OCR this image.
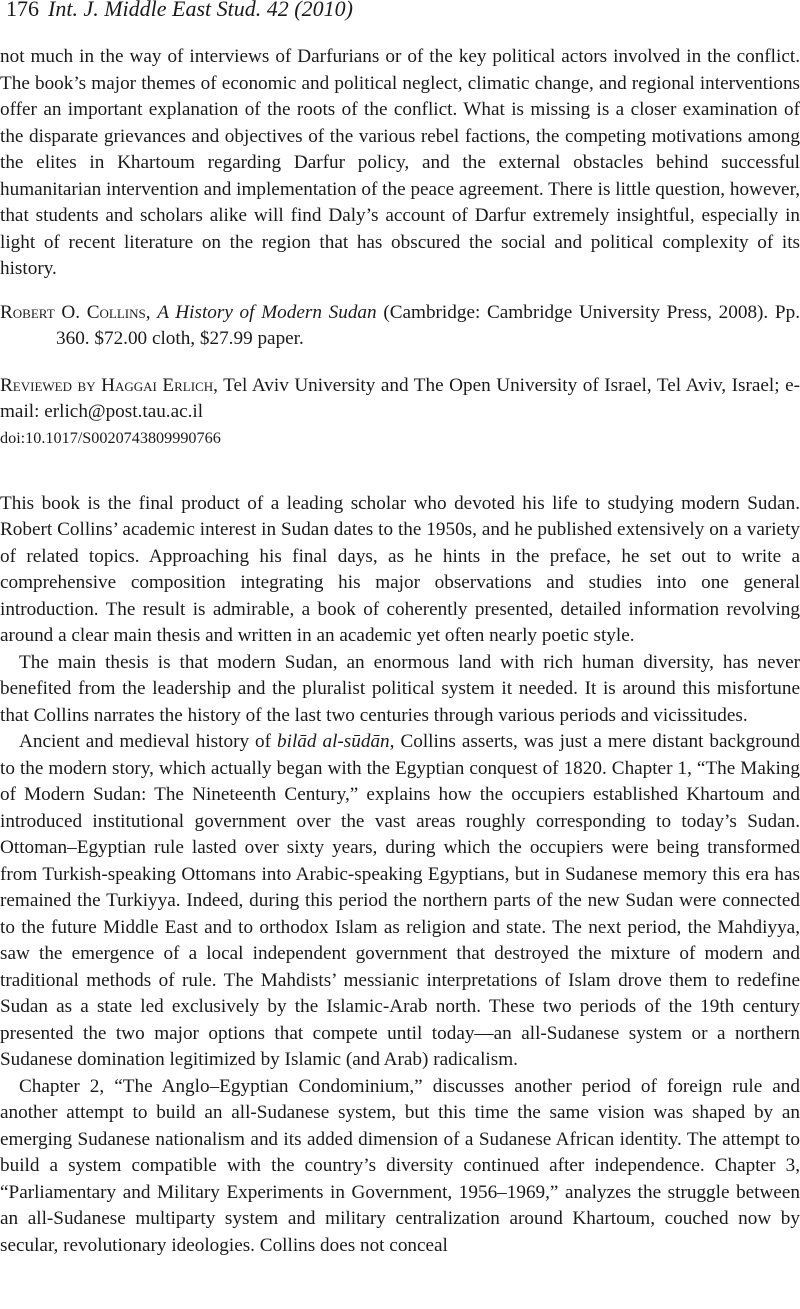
176 Int. J. Middle East Stud. 42 (2010)

not much in the way of interviews of Darfurians or of the key political actors involved in the conflict. The book’s major themes of economic and political neglect, climatic change, and regional interventions offer an important explanation of the roots of the conflict. What is missing is a closer examination of the disparate grievances and objectives of the various rebel factions, the competing motivations among the elites in Khartoum regarding Darfur policy, and the external obstacles behind successful humanitarian intervention and implementation of the peace agreement. There is little question, however, that students and scholars alike will find Daly’s account of Darfur extremely insightful, especially in light of recent literature on the region that has obscured the social and political complexity of its history.

Robert O. Collins, A History of Modern Sudan (Cambridge: Cambridge University Press, 2008). Pp. 360. $72.00 cloth, $27.99 paper.

Reviewed by Haggai Erlich, Tel Aviv University and The Open University of Israel, Tel Aviv, Israel; e-mail: erlich@post.tau.ac.il

doi:10.1017/S0020743809990766

This book is the final product of a leading scholar who devoted his life to studying modern Sudan. Robert Collins’ academic interest in Sudan dates to the 1950s, and he published extensively on a variety of related topics. Approaching his final days, as he hints in the preface, he set out to write a comprehensive composition integrating his major observations and studies into one general introduction. The result is admirable, a book of coherently presented, detailed information revolving around a clear main thesis and written in an academic yet often nearly poetic style.

The main thesis is that modern Sudan, an enormous land with rich human diversity, has never benefited from the leadership and the pluralist political system it needed. It is around this misfortune that Collins narrates the history of the last two centuries through various periods and vicissitudes.

Ancient and medieval history of bilād al-sūdān, Collins asserts, was just a mere distant background to the modern story, which actually began with the Egyptian conquest of 1820. Chapter 1, “The Making of Modern Sudan: The Nineteenth Century,” explains how the occupiers established Khartoum and introduced institutional government over the vast areas roughly corresponding to today’s Sudan. Ottoman–Egyptian rule lasted over sixty years, during which the occupiers were being transformed from Turkish-speaking Ottomans into Arabic-speaking Egyptians, but in Sudanese memory this era has remained the Turkiyya. Indeed, during this period the northern parts of the new Sudan were connected to the future Middle East and to orthodox Islam as religion and state. The next period, the Mahdiyya, saw the emergence of a local independent government that destroyed the mixture of modern and traditional methods of rule. The Mahdists’ messianic interpretations of Islam drove them to redefine Sudan as a state led exclusively by the Islamic-Arab north. These two periods of the 19th century presented the two major options that compete until today—an all-Sudanese system or a northern Sudanese domination legitimized by Islamic (and Arab) radicalism.

Chapter 2, “The Anglo–Egyptian Condominium,” discusses another period of foreign rule and another attempt to build an all-Sudanese system, but this time the same vision was shaped by an emerging Sudanese nationalism and its added dimension of a Sudanese African identity. The attempt to build a system compatible with the country’s diversity continued after independence. Chapter 3, “Parliamentary and Military Experiments in Government, 1956–1969,” analyzes the struggle between an all-Sudanese multiparty system and military centralization around Khartoum, couched now by secular, revolutionary ideologies. Collins does not conceal
